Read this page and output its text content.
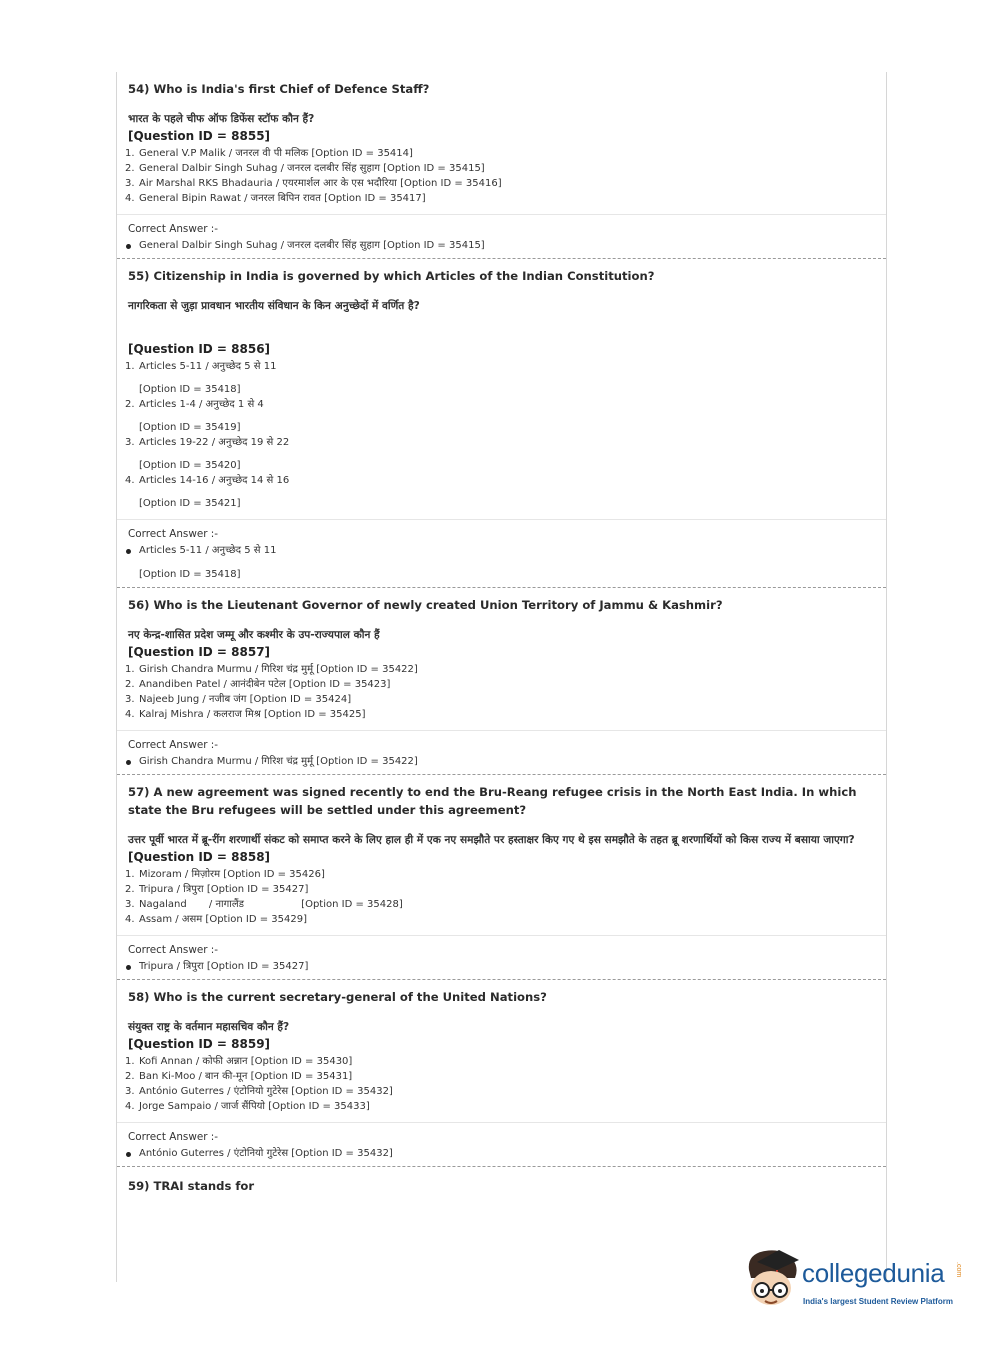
54) Who is India's first Chief of Defence Staff?
भारत के पहले चीफ ऑफ डिफेंस स्टॉफ कौन हैं?
[Question ID = 8855]
1. General V.P Malik / जनरल वी पी मलिक [Option ID = 35414]
2. General Dalbir Singh Suhag / जनरल दलबीर सिंह सुहाग [Option ID = 35415]
3. Air Marshal RKS Bhadauria / एयरमार्शल आर के एस भदौरिया [Option ID = 35416]
4. General Bipin Rawat / जनरल बिपिन रावत [Option ID = 35417]
Correct Answer :-
General Dalbir Singh Suhag / जनरल दलबीर सिंह सुहाग [Option ID = 35415]
55) Citizenship in India is governed by which Articles of the Indian Constitution?
नागरिकता से जुड़ा प्रावधान भारतीय संविधान के किन अनुच्छेदों में वर्णित है?
[Question ID = 8856]
1. Articles 5-11 / अनुच्छेद 5 से 11
[Option ID = 35418]
2. Articles 1-4 / अनुच्छेद 1 से 4
[Option ID = 35419]
3. Articles 19-22 / अनुच्छेद 19 से 22
[Option ID = 35420]
4. Articles 14-16 / अनुच्छेद 14 से 16
[Option ID = 35421]
Correct Answer :-
Articles 5-11 / अनुच्छेद 5 से 11
[Option ID = 35418]
56) Who is the Lieutenant Governor of newly created Union Territory of Jammu & Kashmir?
नए केन्द्र-शासित प्रदेश जम्मू और कश्मीर के उप-राज्यपाल कौन हैं
[Question ID = 8857]
1. Girish Chandra Murmu / गिरिश चंद्र मुर्मू [Option ID = 35422]
2. Anandiben Patel / आनंदीबेन पटेल [Option ID = 35423]
3. Najeeb Jung / नजीब जंग [Option ID = 35424]
4. Kalraj Mishra / कलराज मिश्र [Option ID = 35425]
Correct Answer :-
Girish Chandra Murmu / गिरिश चंद्र मुर्मू [Option ID = 35422]
57) A new agreement was signed recently to end the Bru-Reang refugee crisis in the North East India. In which state the Bru refugees will be settled under this agreement?
उत्तर पूर्वी भारत में ब्रू-रींग शरणार्थी संकट को समाप्त करने के लिए हाल ही में एक नए समझौते पर हस्ताक्षर किए गए थे इस समझौते के तहत ब्रू शरणार्थियों को किस राज्य में बसाया जाएगा?
[Question ID = 8858]
1. Mizoram / मिज़ोरम [Option ID = 35426]
2. Tripura / त्रिपुरा [Option ID = 35427]
3. Nagaland       / नागालैंड                  [Option ID = 35428]
4. Assam / असम [Option ID = 35429]
Correct Answer :-
Tripura / त्रिपुरा [Option ID = 35427]
58) Who is the current secretary-general of the United Nations?
संयुक्त राष्ट्र के वर्तमान महासचिव कौन हैं?
[Question ID = 8859]
1. Kofi Annan / कोफी अन्नान [Option ID = 35430]
2. Ban Ki-Moo / बान की-मून [Option ID = 35431]
3. António Guterres / एंटोनियो गुटेरेस [Option ID = 35432]
4. Jorge Sampaio / जार्ज सैंपियो [Option ID = 35433]
Correct Answer :-
António Guterres / एंटोनियो गुटेरेस [Option ID = 35432]
59) TRAI stands for
collegedunia .com
India's largest Student Review Platform
